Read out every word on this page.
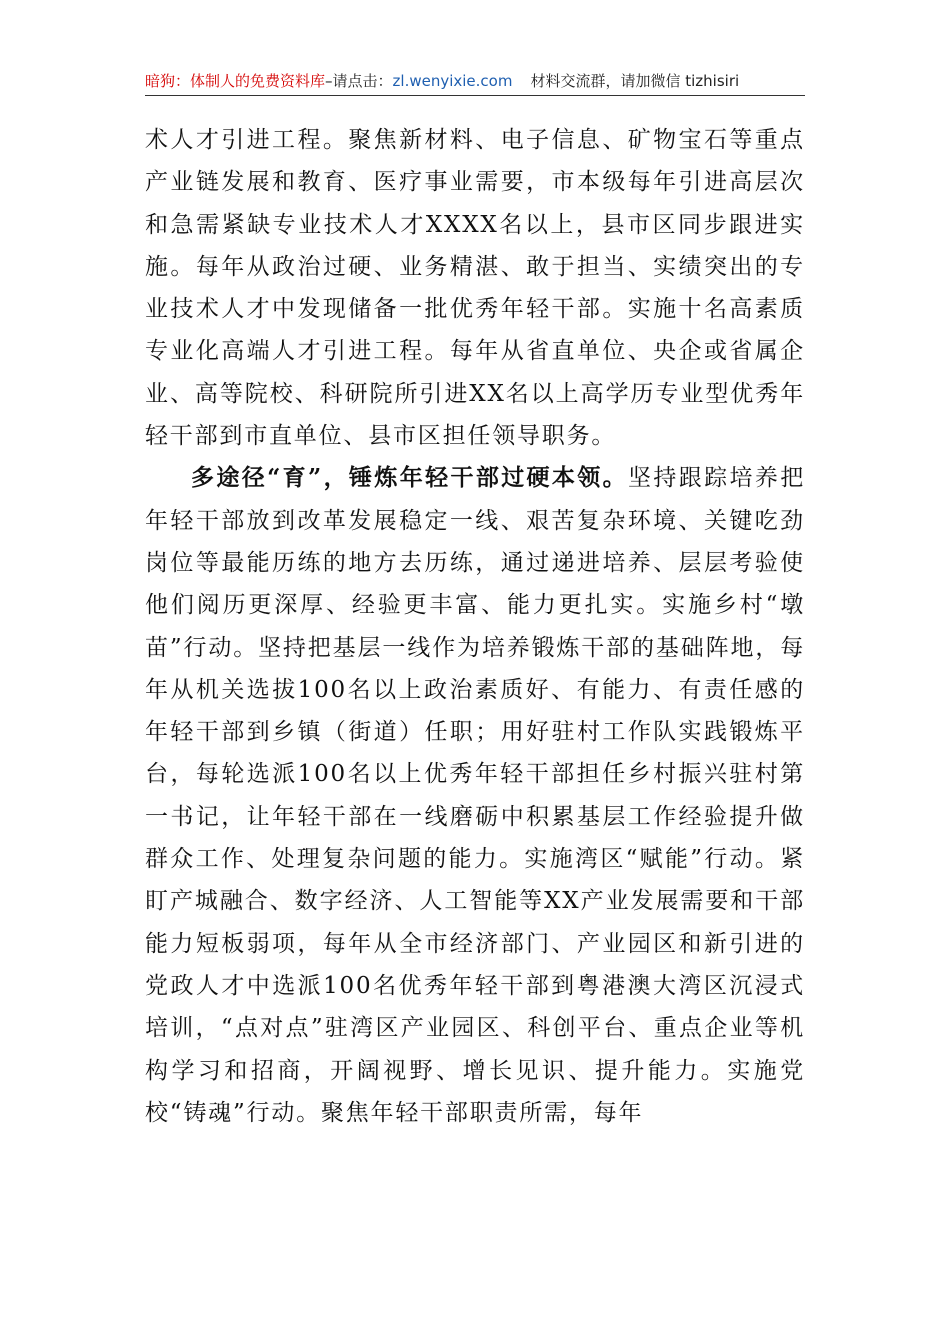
暗狗：体制人的免费资料库–请点击：zl.wenyixie.com 材料交流群，请加微信 tizhisiri

术人才引进工程。聚焦新材料、电子信息、矿物宝石等重点产业链发展和教育、医疗事业需要，市本级每年引进高层次和急需紧缺专业技术人才XXXX名以上，县市区同步跟进实施。每年从政治过硬、业务精湛、敢于担当、实绩突出的专业技术人才中发现储备一批优秀年轻干部。实施十名高素质专业化高端人才引进工程。每年从省直单位、央企或省属企业、高等院校、科研院所引进XX名以上高学历专业型优秀年轻干部到市直单位、县市区担任领导职务。

多途径“育”，锤炼年轻干部过硬本领。坚持跟踪培养把年轻干部放到改革发展稳定一线、艰苦复杂环境、关键吃劲岗位等最能历练的地方去历练，通过递进培养、层层考验使他们阅历更深厚、经验更丰富、能力更扎实。实施乡村“墩苗”行动。坚持把基层一线作为培养锻炼干部的基础阵地，每年从机关选拔100名以上政治素质好、有能力、有责任感的年轻干部到乡镇（街道）任职；用好驻村工作队实践锻炼平台，每轮选派100名以上优秀年轻干部担任乡村振兴驻村第一书记，让年轻干部在一线磨砺中积累基层工作经验提升做群众工作、处理复杂问题的能力。实施湾区“赋能”行动。紧盯产城融合、数字经济、人工智能等XX产业发展需要和干部能力短板弱项，每年从全市经济部门、产业园区和新引进的党政人才中选派100名优秀年轻干部到粤港澳大湾区沉浸式培训，“点对点”驻湾区产业园区、科创平台、重点企业等机构学习和招商，开阔视野、增长见识、提升能力。实施党校“铸魂”行动。聚焦年轻干部职责所需，每年
